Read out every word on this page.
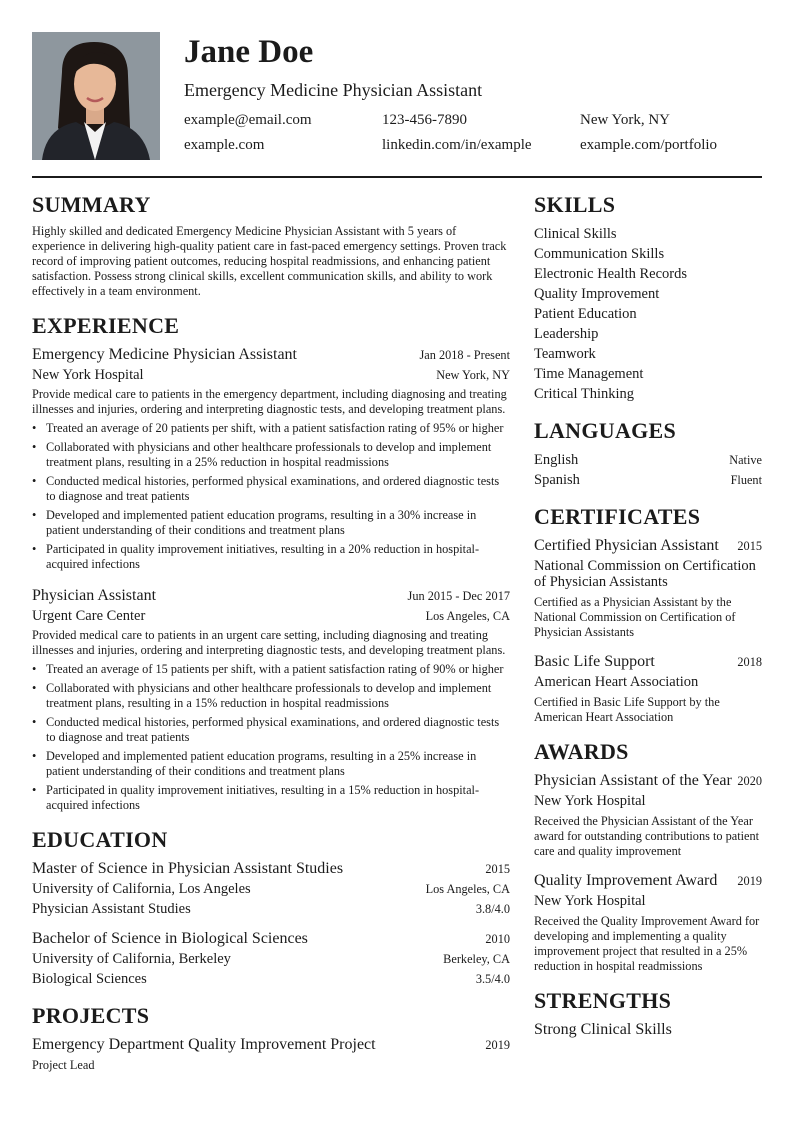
Jane Doe
Emergency Medicine Physician Assistant
example@email.com	123-456-7890	New York, NY
example.com	linkedin.com/in/example	example.com/portfolio
SUMMARY
Highly skilled and dedicated Emergency Medicine Physician Assistant with 5 years of experience in delivering high-quality patient care in fast-paced emergency settings. Proven track record of improving patient outcomes, reducing hospital readmissions, and enhancing patient satisfaction. Possess strong clinical skills, excellent communication skills, and ability to work effectively in a team environment.
EXPERIENCE
Emergency Medicine Physician Assistant	Jan 2018 - Present
New York Hospital	New York, NY
Provide medical care to patients in the emergency department, including diagnosing and treating illnesses and injuries, ordering and interpreting diagnostic tests, and developing treatment plans.
• Treated an average of 20 patients per shift, with a patient satisfaction rating of 95% or higher
• Collaborated with physicians and other healthcare professionals to develop and implement treatment plans, resulting in a 25% reduction in hospital readmissions
• Conducted medical histories, performed physical examinations, and ordered diagnostic tests to diagnose and treat patients
• Developed and implemented patient education programs, resulting in a 30% increase in patient understanding of their conditions and treatment plans
• Participated in quality improvement initiatives, resulting in a 20% reduction in hospital-acquired infections
Physician Assistant	Jun 2015 - Dec 2017
Urgent Care Center	Los Angeles, CA
Provided medical care to patients in an urgent care setting, including diagnosing and treating illnesses and injuries, ordering and interpreting diagnostic tests, and developing treatment plans.
• Treated an average of 15 patients per shift, with a patient satisfaction rating of 90% or higher
• Collaborated with physicians and other healthcare professionals to develop and implement treatment plans, resulting in a 15% reduction in hospital readmissions
• Conducted medical histories, performed physical examinations, and ordered diagnostic tests to diagnose and treat patients
• Developed and implemented patient education programs, resulting in a 25% increase in patient understanding of their conditions and treatment plans
• Participated in quality improvement initiatives, resulting in a 15% reduction in hospital-acquired infections
EDUCATION
Master of Science in Physician Assistant Studies	2015
University of California, Los Angeles	Los Angeles, CA
Physician Assistant Studies	3.8/4.0
Bachelor of Science in Biological Sciences	2010
University of California, Berkeley	Berkeley, CA
Biological Sciences	3.5/4.0
PROJECTS
Emergency Department Quality Improvement Project	2019
Project Lead
SKILLS
Clinical Skills
Communication Skills
Electronic Health Records
Quality Improvement
Patient Education
Leadership
Teamwork
Time Management
Critical Thinking
LANGUAGES
English	Native
Spanish	Fluent
CERTIFICATES
Certified Physician Assistant 2015
National Commission on Certification of Physician Assistants
Certified as a Physician Assistant by the National Commission on Certification of Physician Assistants
Basic Life Support	2018
American Heart Association
Certified in Basic Life Support by the American Heart Association
AWARDS
Physician Assistant of the Year 2020
New York Hospital
Received the Physician Assistant of the Year award for outstanding contributions to patient care and quality improvement
Quality Improvement Award 2019
New York Hospital
Received the Quality Improvement Award for developing and implementing a quality improvement project that resulted in a 25% reduction in hospital readmissions
STRENGTHS
Strong Clinical Skills
